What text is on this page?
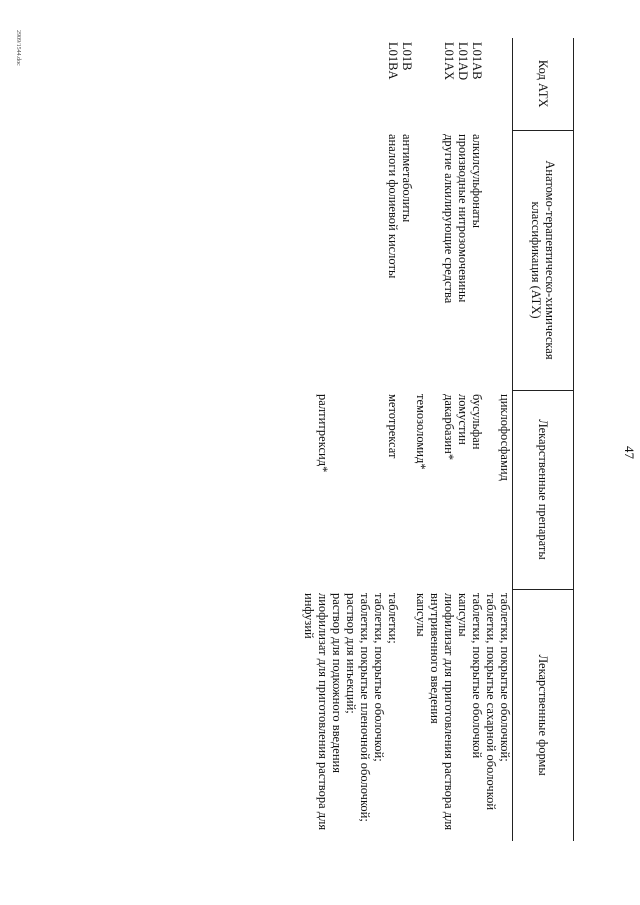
47
Код АТХ	Анатомо-терапевтическо-химическая классификация (АТХ)	Лекарственные препараты	Лекарственные формы
		циклофосфамид	таблетки, покрытые оболочкой;
таблетки, покрытые сахарной оболочкой
L01AB	алкилсульфонаты	бусульфан	таблетки, покрытые оболочкой
L01AD	производные нитрозомочевины	ломустин	капсулы
L01AX	другие алкилирующие средства	дакарбазин*	лиофилизат для приготовления раствора для внутривенного введения
		темозоломид*	капсулы
L01B	антиметаболиты		
L01BA	аналоги фолиевой кислоты	метотрексат	таблетки;
таблетки, покрытые оболочкой;
таблетки, покрытые пленочной оболочкой;
раствор для инъекций;
раствор для подкожного введения
		ралтитрексид*	лиофилизат для приготовления раствора для инфузий
2909/1544.doc
